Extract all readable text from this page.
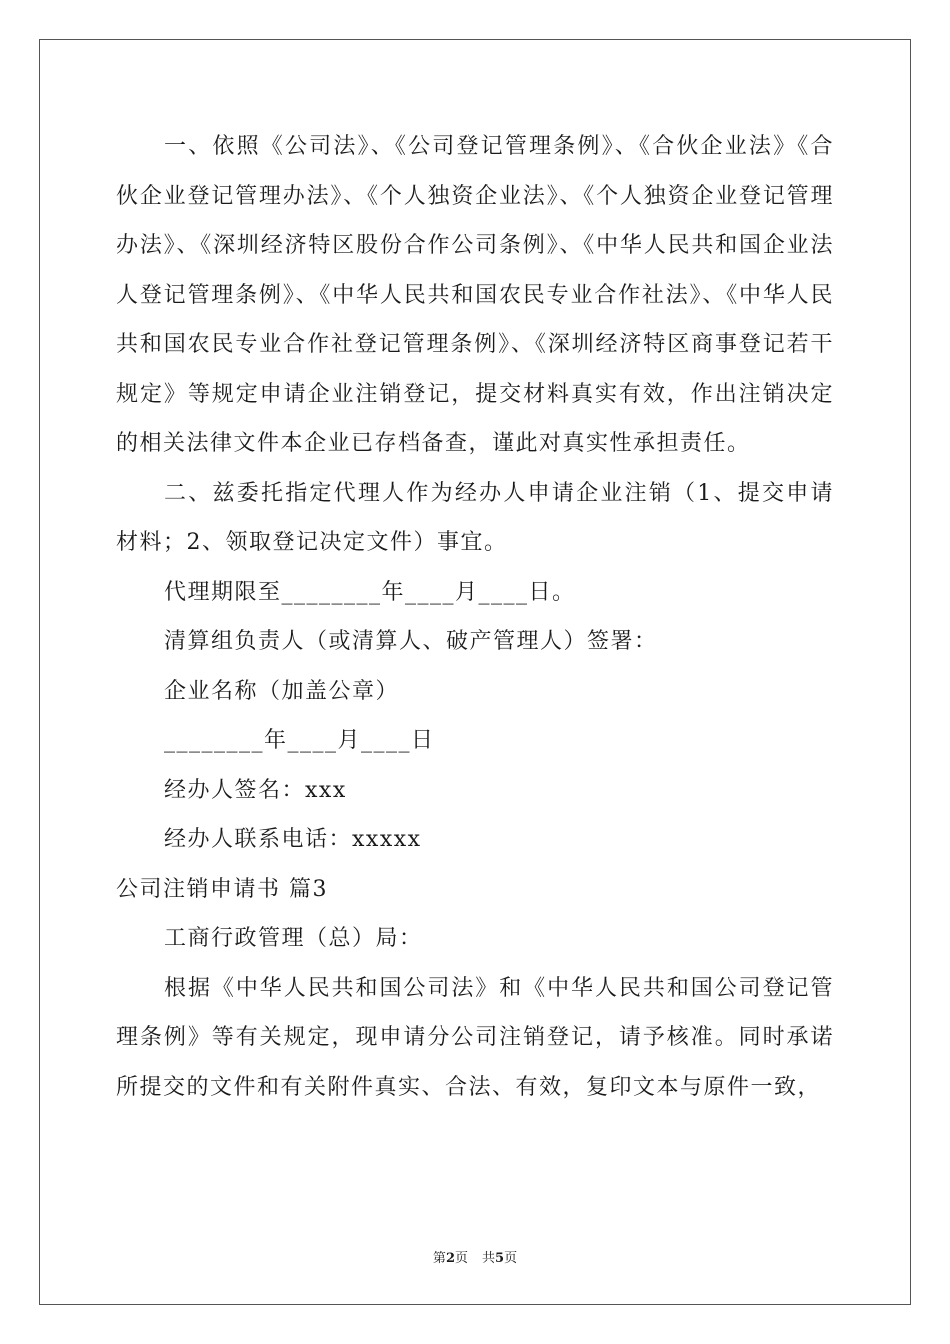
一、依照《公司法》、《公司登记管理条例》、《合伙企业法》《合伙企业登记管理办法》、《个人独资企业法》、《个人独资企业登记管理办法》、《深圳经济特区股份合作公司条例》、《中华人民共和国企业法人登记管理条例》、《中华人民共和国农民专业合作社法》、《中华人民共和国农民专业合作社登记管理条例》、《深圳经济特区商事登记若干规定》等规定申请企业注销登记，提交材料真实有效，作出注销决定的相关法律文件本企业已存档备查，谨此对真实性承担责任。

二、兹委托指定代理人作为经办人申请企业注销（1、提交申请材料；2、领取登记决定文件）事宜。

代理期限至________年____月____日。

清算组负责人（或清算人、破产管理人）签署：

企业名称（加盖公章）

________年____月____日

经办人签名：xxx

经办人联系电话：xxxxx

公司注销申请书 篇3

工商行政管理（总）局：

根据《中华人民共和国公司法》和《中华人民共和国公司登记管理条例》等有关规定，现申请分公司注销登记，请予核准。同时承诺所提交的文件和有关附件真实、合法、有效，复印文本与原件一致，

第2页 共5页
